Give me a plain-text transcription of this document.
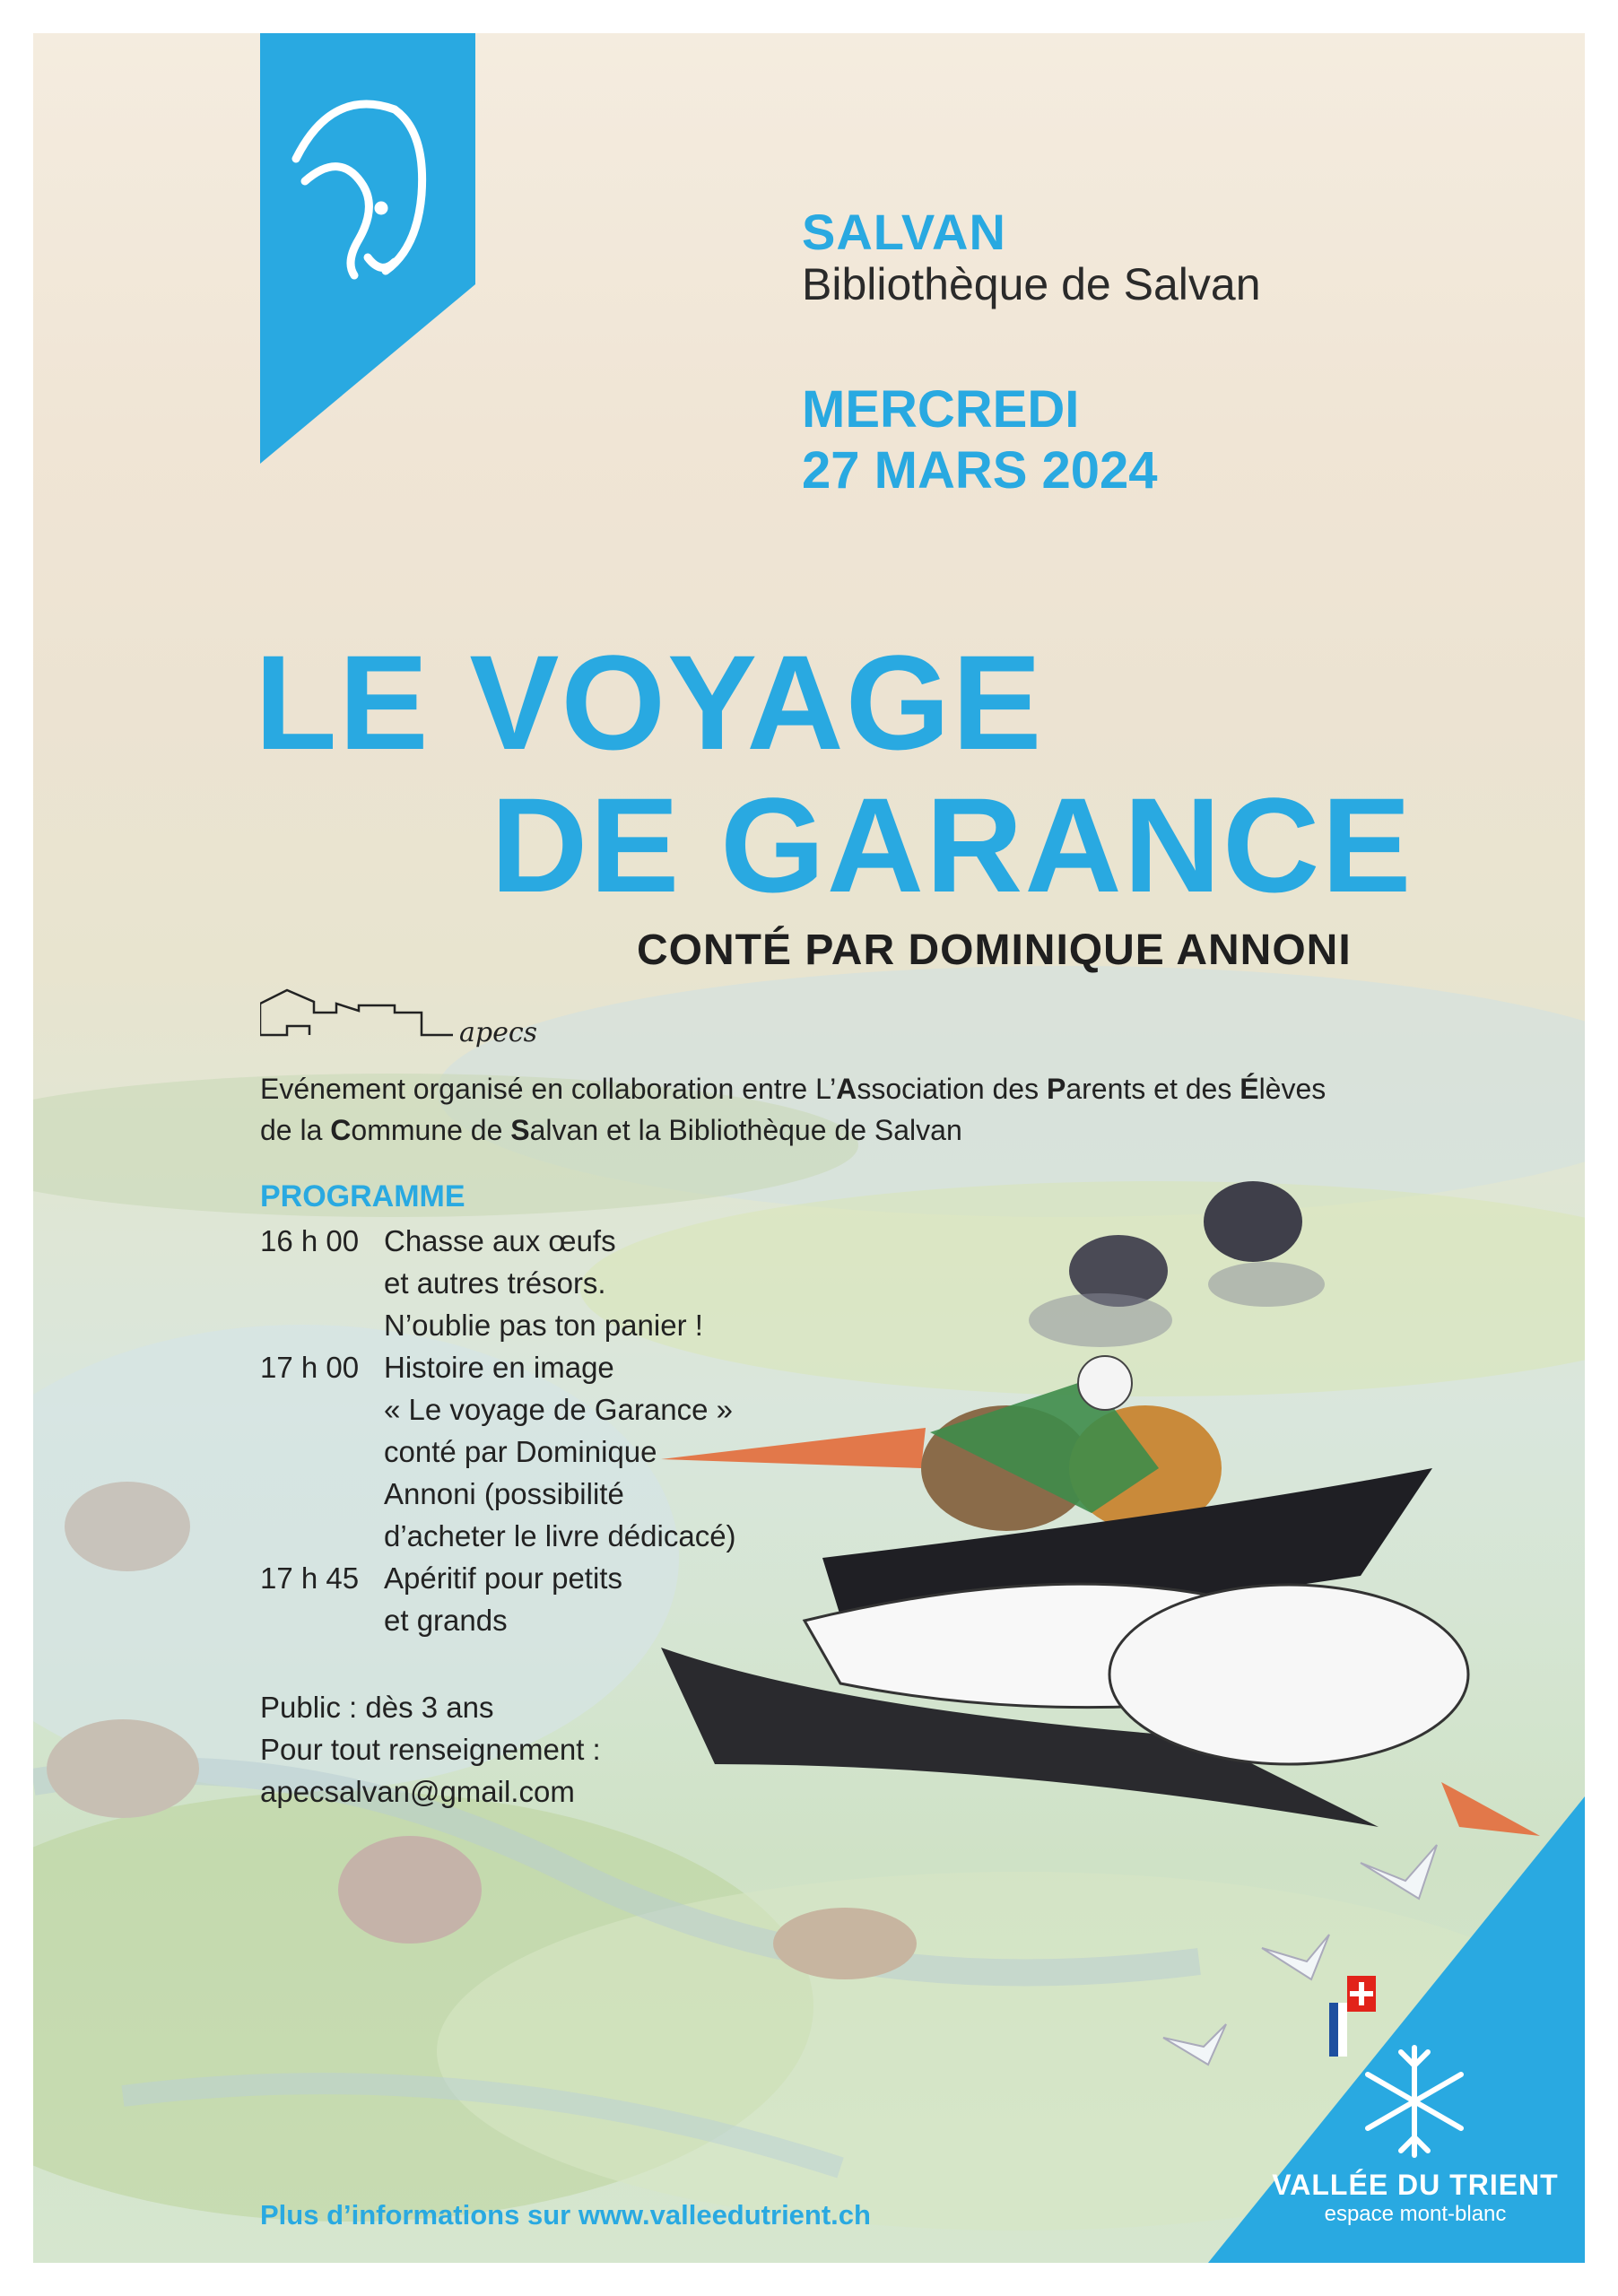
SALVAN
Bibliothèque de Salvan
MERCREDI
27 MARS 2024
LE VOYAGE
DE GARANCE
CONTÉ PAR DOMINIQUE ANNONI
apecs
Evénement organisé en collaboration entre L’Association des Parents et des Élèves
de la Commune de Salvan et la Bibliothèque de Salvan
PROGRAMME
16 h 00 Chasse aux œufs
et autres trésors.
N’oublie pas ton panier !
17 h 00 Histoire en image
« Le voyage de Garance »
conté par Dominique
Annoni (possibilité
d’acheter le livre dédicacé)
17 h 45 Apéritif pour petits
et grands
Public : dès 3 ans
Pour tout renseignement :
apecsalvan@gmail.com
Plus d’informations sur www.valleedutrient.ch
VALLÉE DU TRIENT
espace mont-blanc
